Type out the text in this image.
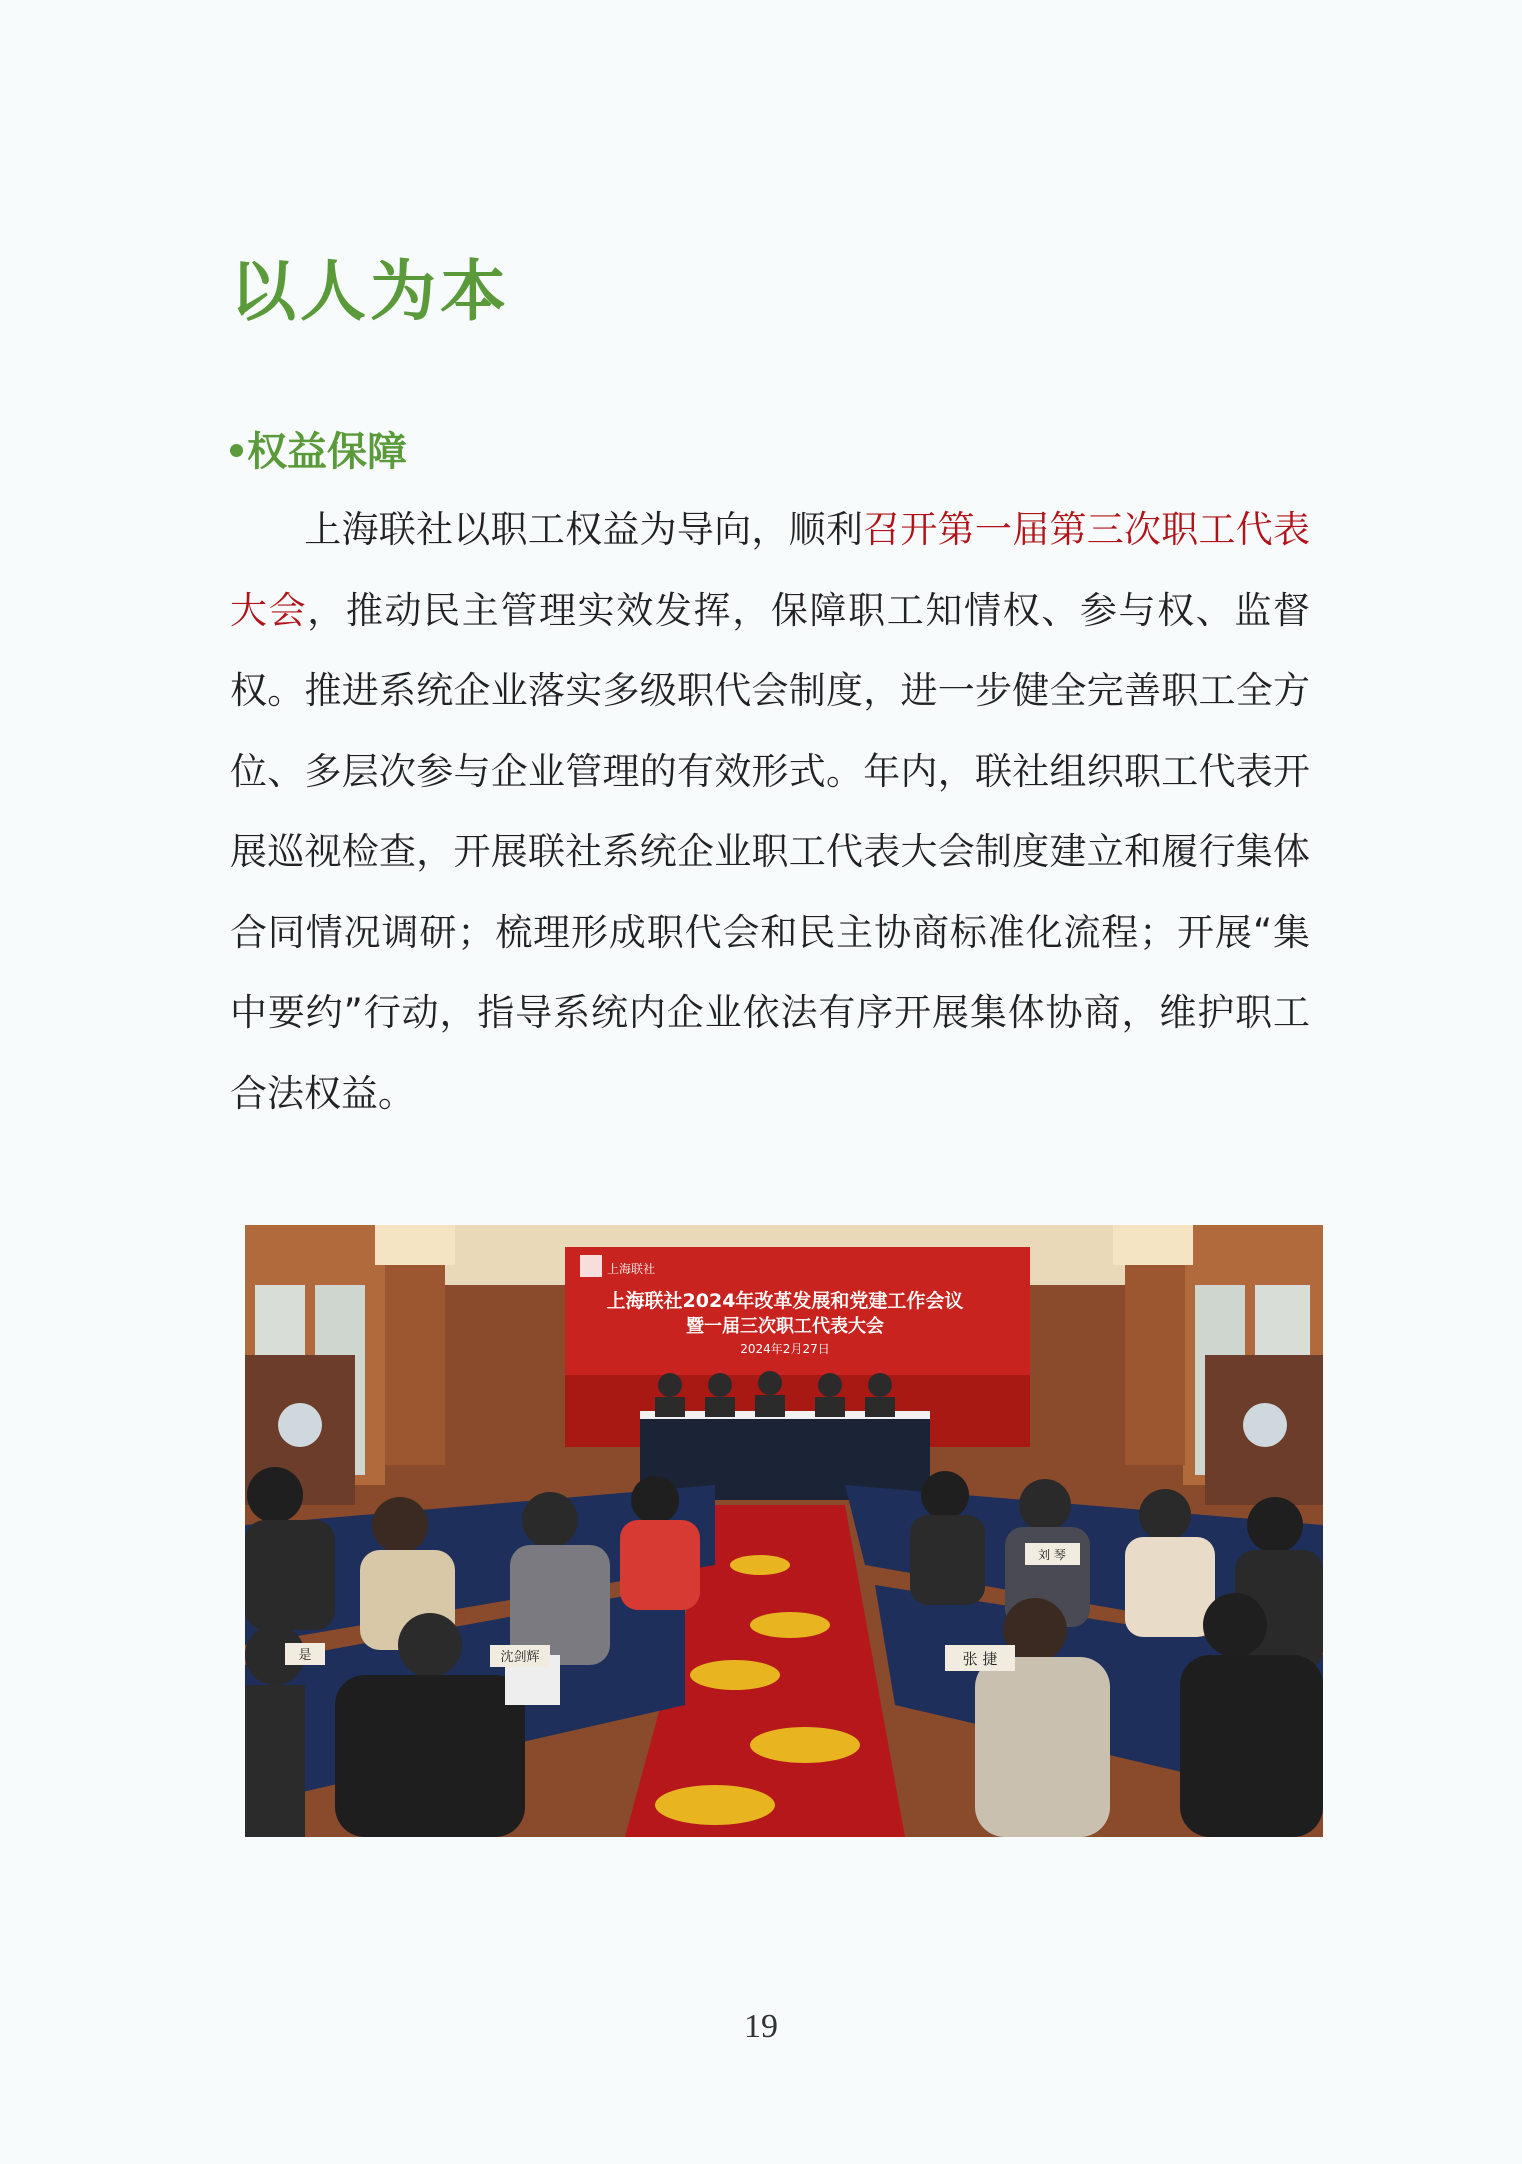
以人为本
权益保障
上海联社以职工权益为导向，顺利召开第一届第三次职工代表大会，推动民主管理实效发挥，保障职工知情权、参与权、监督权。推进系统企业落实多级职代会制度，进一步健全完善职工全方位、多层次参与企业管理的有效形式。年内，联社组织职工代表开展巡视检查，开展联社系统企业职工代表大会制度建立和履行集体合同情况调研；梳理形成职代会和民主协商标准化流程；开展“集中要约”行动，指导系统内企业依法有序开展集体协商，维护职工合法权益。
张 捷
刘 琴
是	沈剑辉
上海联社
上海联社2024年改革发展和党建工作会议
暨一届三次职工代表大会
2024年2月27日
19
